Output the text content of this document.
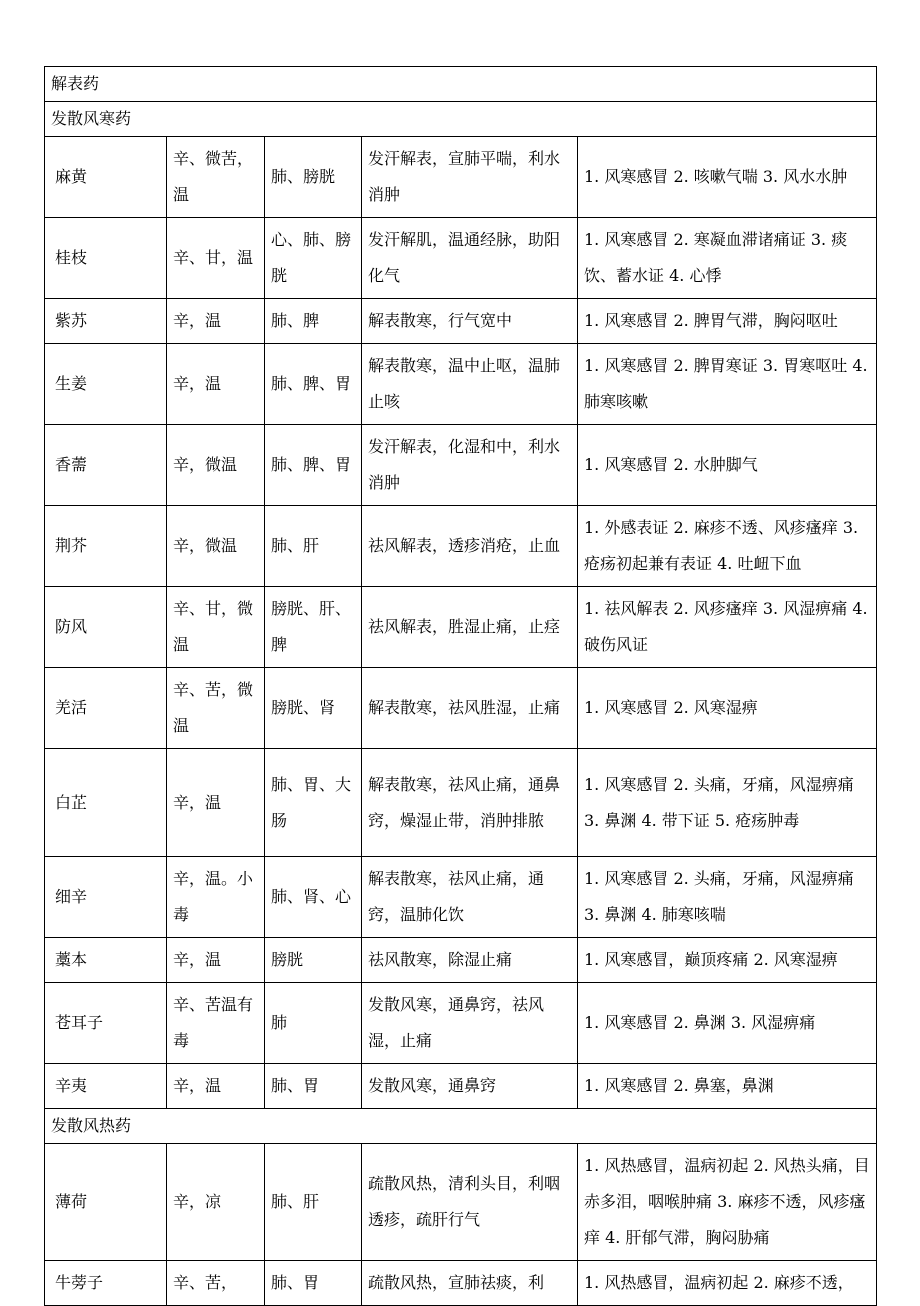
解表药				
发散风寒药				
麻黄	辛、微苦，温	肺、膀胱	发汗解表，宣肺平喘，利水消肿	1. 风寒感冒 2. 咳嗽气喘 3. 风水水肿
桂枝	辛、甘，温	心、肺、膀胱	发汗解肌，温通经脉，助阳化气	1. 风寒感冒 2. 寒凝血滞诸痛证 3. 痰饮、蓄水证 4. 心悸
紫苏	辛，温	肺、脾	解表散寒，行气宽中	1. 风寒感冒 2. 脾胃气滞，胸闷呕吐
生姜	辛，温	肺、脾、胃	解表散寒，温中止呕，温肺止咳	1. 风寒感冒 2. 脾胃寒证 3. 胃寒呕吐 4. 肺寒咳嗽
香薷	辛，微温	肺、脾、胃	发汗解表，化湿和中，利水消肿	1. 风寒感冒 2. 水肿脚气
荆芥	辛，微温	肺、肝	祛风解表，透疹消疮，止血	1. 外感表证 2. 麻疹不透、风疹瘙痒 3. 疮疡初起兼有表证 4. 吐衄下血
防风	辛、甘，微温	膀胱、肝、脾	祛风解表，胜湿止痛，止痉	1. 祛风解表 2. 风疹瘙痒 3. 风湿痹痛 4. 破伤风证
羌活	辛、苦，微温	膀胱、肾	解表散寒，祛风胜湿，止痛	1. 风寒感冒 2. 风寒湿痹
白芷	辛，温	肺、胃、大肠	解表散寒，祛风止痛，通鼻窍，燥湿止带，消肿排脓	1. 风寒感冒 2. 头痛，牙痛，风湿痹痛 3. 鼻渊 4. 带下证 5. 疮疡肿毒
细辛	辛，温。小毒	肺、肾、心	解表散寒，祛风止痛，通窍，温肺化饮	1. 风寒感冒 2. 头痛，牙痛，风湿痹痛 3. 鼻渊 4. 肺寒咳喘
藁本	辛，温	膀胱	祛风散寒，除湿止痛	1. 风寒感冒，巅顶疼痛 2. 风寒湿痹
苍耳子	辛、苦温有毒	肺	发散风寒，通鼻窍，祛风湿，止痛	1. 风寒感冒 2. 鼻渊 3. 风湿痹痛
辛夷	辛，温	肺、胃	发散风寒，通鼻窍	1. 风寒感冒 2. 鼻塞，鼻渊
发散风热药				
薄荷	辛，凉	肺、肝	疏散风热，清利头目，利咽透疹，疏肝行气	1. 风热感冒，温病初起 2. 风热头痛，目赤多泪，咽喉肿痛 3. 麻疹不透，风疹瘙痒 4. 肝郁气滞，胸闷胁痛
牛蒡子	辛、苦，	肺、胃	疏散风热，宣肺祛痰，利	1. 风热感冒，温病初起 2. 麻疹不透，
